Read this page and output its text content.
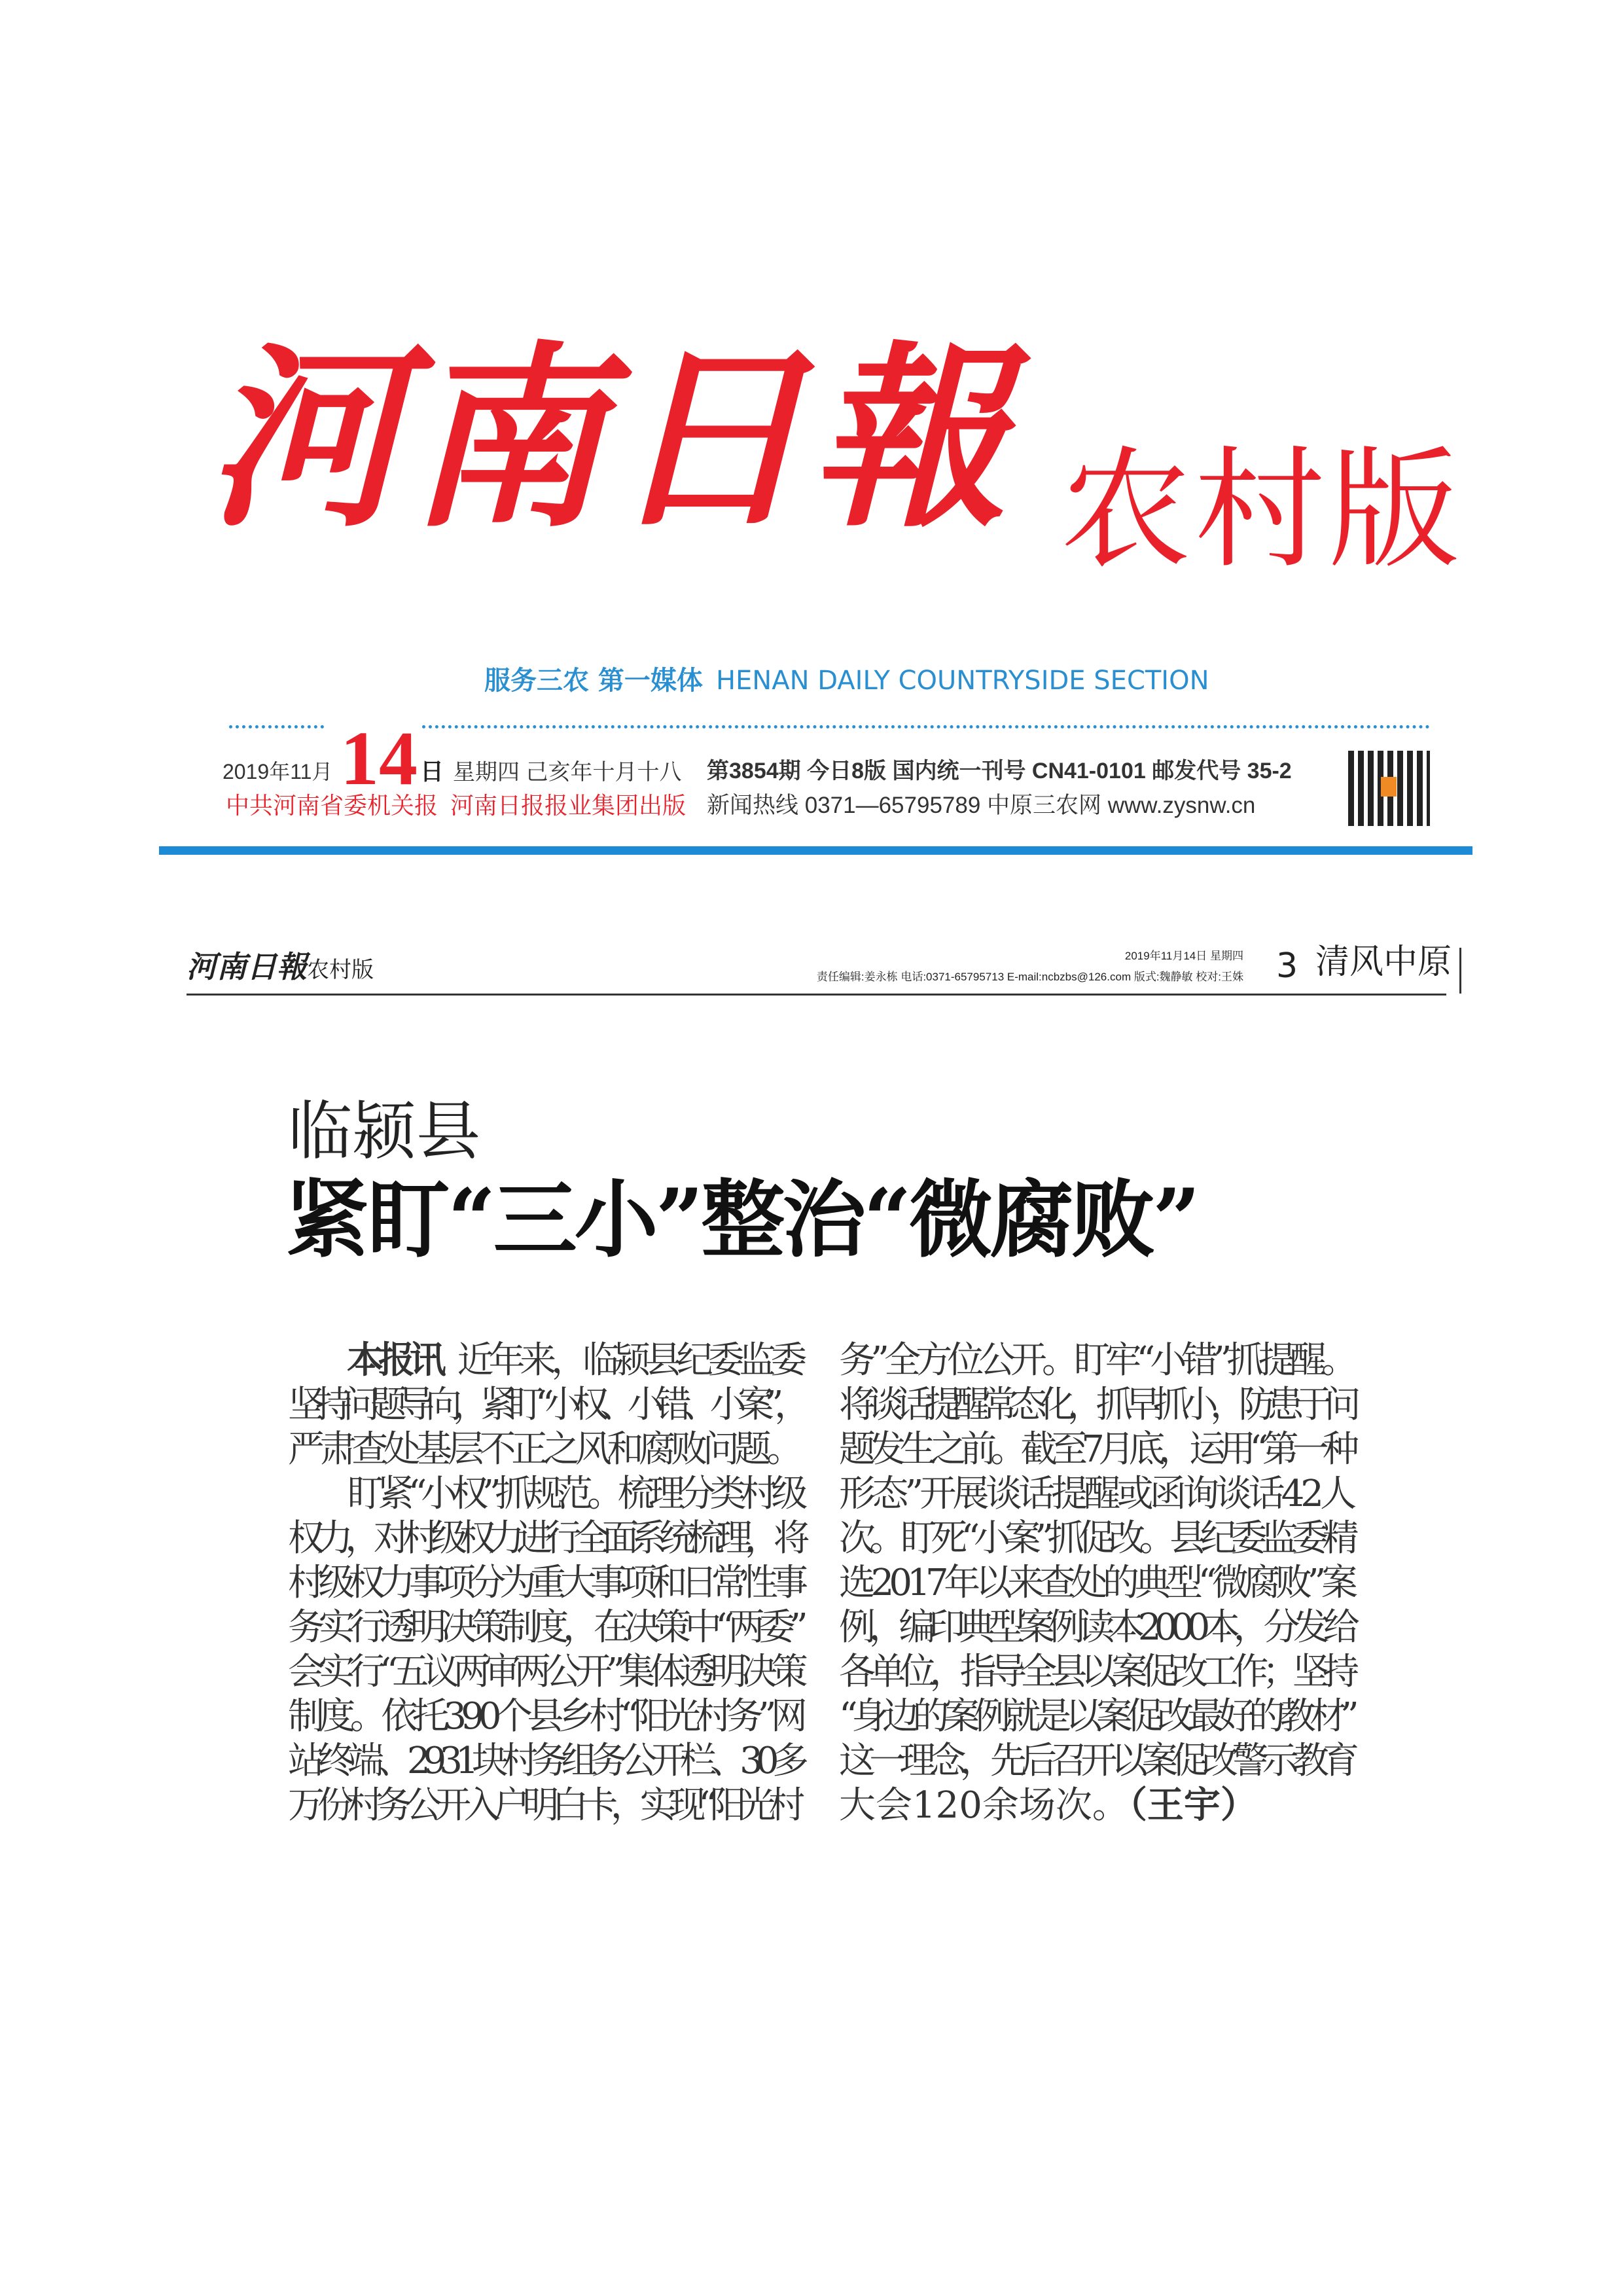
河南日報 农村版
服务三农 第一媒体 HENAN DAILY COUNTRYSIDE SECTION
2019年11月 14 日 星期四 己亥年十月十八
中共河南省委机关报 河南日报报业集团出版
第3854期 今日8版 国内统一刊号 CN41-0101 邮发代号 35-2
新闻热线 0371—65795789 中原三农网 www.zysnw.cn
河南日報农村版
2019年11月14日 星期四
责任编辑:姜永栋 电话:0371-65795713 E-mail:ncbzbs@126.com 版式:魏静敏 校对:王姝 3 清风中原
临颍县
紧盯“三小”整治“微腐败”
本报讯 近年来，临颍县纪委监委
坚持问题导向，紧盯“小权、小错、小案”，
严肃查处基层不正之风和腐败问题。
盯紧“小权”抓规范。梳理分类村级
权力，对村级权力进行全面系统梳理，将
村级权力事项分为重大事项和日常性事
务实行透明决策制度，在决策中“两委”
会实行“五议两审两公开”集体透明决策
制度。依托390个县乡村“阳光村务”网
站终端、2931块村务组务公开栏、30多
万份村务公开入户明白卡，实现“阳光村
务”全方位公开。盯牢“小错”抓提醒。
将谈话提醒常态化，抓早抓小，防患于问
题发生之前。截至7月底，运用“第一种
形态”开展谈话提醒或函询谈话42人
次。盯死“小案”抓促改。县纪委监委精
选2017年以来查处的典型“微腐败”案
例，编印典型案例读本2000本，分发给
各单位，指导全县以案促改工作；坚持
“身边的案例就是以案促改最好的教材”
这一理念，先后召开以案促改警示教育
大会120余场次。（王宇）
